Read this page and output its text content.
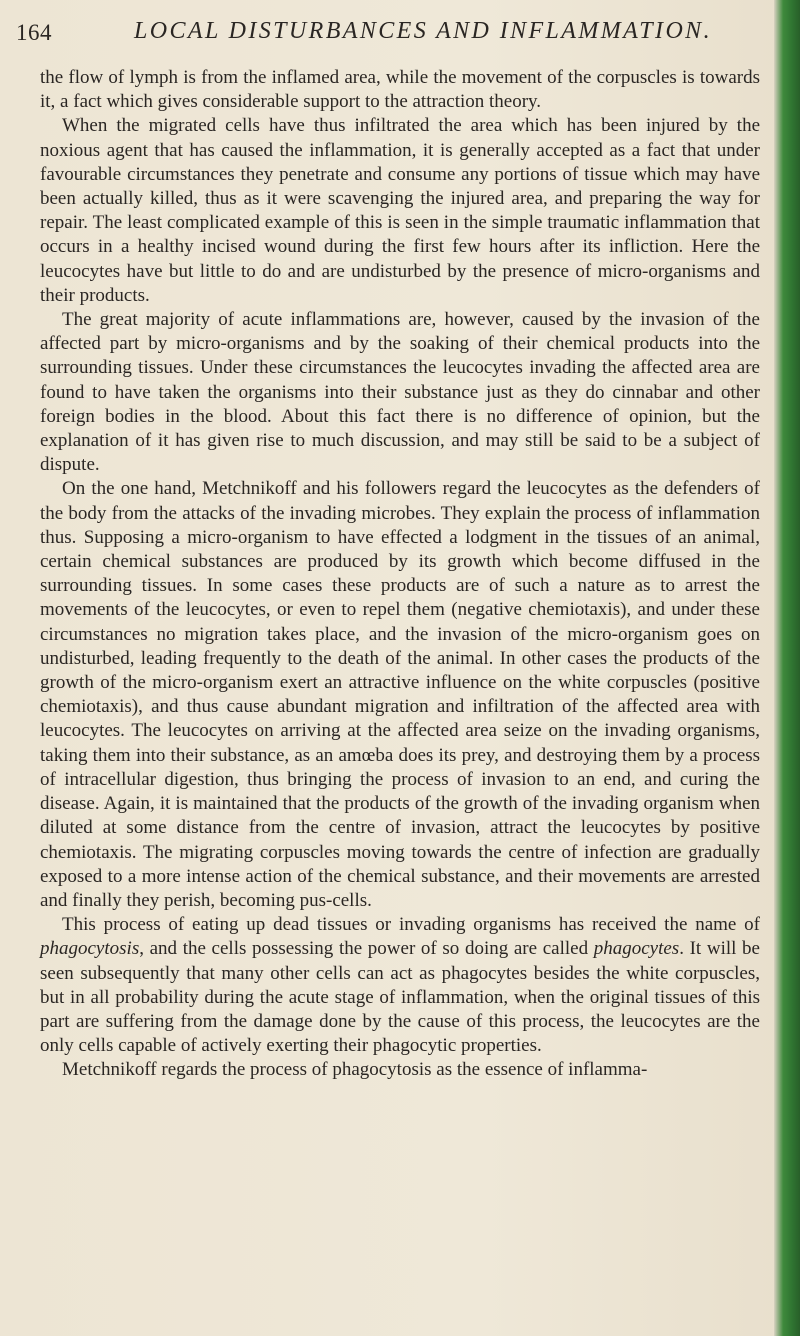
164	LOCAL DISTURBANCES AND INFLAMMATION.

the flow of lymph is from the inflamed area, while the movement of the corpuscles is towards it, a fact which gives considerable support to the attraction theory.

When the migrated cells have thus infiltrated the area which has been injured by the noxious agent that has caused the inflammation, it is generally accepted as a fact that under favourable circumstances they penetrate and consume any portions of tissue which may have been actually killed, thus as it were scavenging the injured area, and preparing the way for repair. The least complicated example of this is seen in the simple traumatic inflammation that occurs in a healthy incised wound during the first few hours after its infliction. Here the leucocytes have but little to do and are undisturbed by the presence of micro-organisms and their products.

The great majority of acute inflammations are, however, caused by the invasion of the affected part by micro-organisms and by the soaking of their chemical products into the surrounding tissues. Under these circumstances the leucocytes invading the affected area are found to have taken the organisms into their substance just as they do cinnabar and other foreign bodies in the blood. About this fact there is no difference of opinion, but the explanation of it has given rise to much discussion, and may still be said to be a subject of dispute.

On the one hand, Metchnikoff and his followers regard the leucocytes as the defenders of the body from the attacks of the invading microbes. They explain the process of inflammation thus. Supposing a micro-organism to have effected a lodgment in the tissues of an animal, certain chemical substances are produced by its growth which become diffused in the surrounding tissues. In some cases these products are of such a nature as to arrest the movements of the leucocytes, or even to repel them (negative chemiotaxis), and under these circumstances no migration takes place, and the invasion of the micro-organism goes on undisturbed, leading frequently to the death of the animal. In other cases the products of the growth of the micro-organism exert an attractive influence on the white corpuscles (positive chemiotaxis), and thus cause abundant migration and infiltration of the affected area with leucocytes. The leucocytes on arriving at the affected area seize on the invading organisms, taking them into their substance, as an amœba does its prey, and destroying them by a process of intracellular digestion, thus bringing the process of invasion to an end, and curing the disease. Again, it is maintained that the products of the growth of the invading organism when diluted at some distance from the centre of invasion, attract the leucocytes by positive chemiotaxis. The migrating corpuscles moving towards the centre of infection are gradually exposed to a more intense action of the chemical substance, and their movements are arrested and finally they perish, becoming pus-cells.

This process of eating up dead tissues or invading organisms has received the name of phagocytosis, and the cells possessing the power of so doing are called phagocytes. It will be seen subsequently that many other cells can act as phagocytes besides the white corpuscles, but in all probability during the acute stage of inflammation, when the original tissues of this part are suffering from the damage done by the cause of this process, the leucocytes are the only cells capable of actively exerting their phagocytic properties.

Metchnikoff regards the process of phagocytosis as the essence of inflamma-
